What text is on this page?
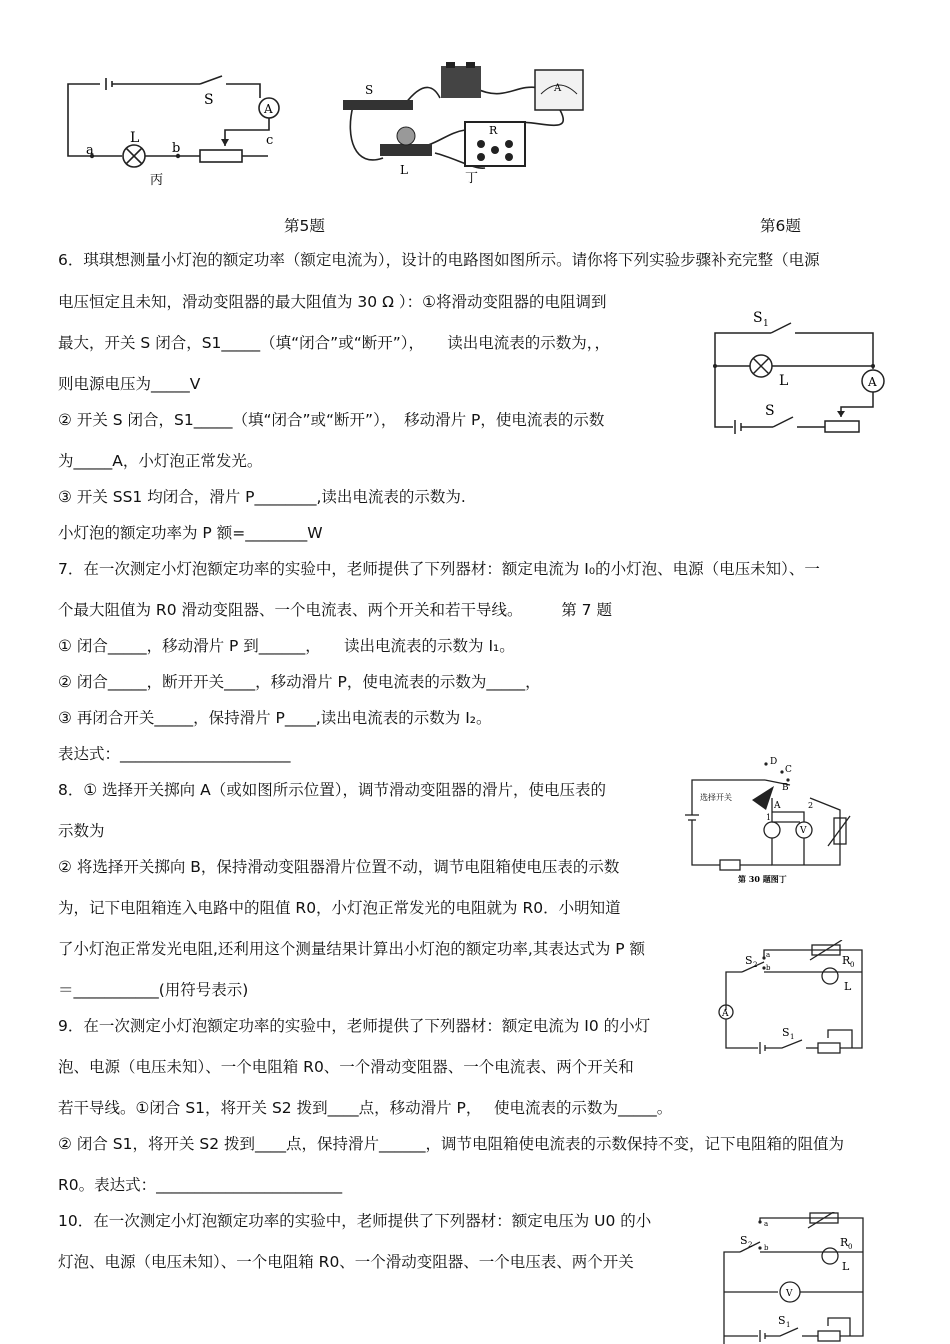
S
A
L
a	b
c
丙
S	A
L
R
丁
第5题	第6题
S 1
L	A
S
D
C
B
A
选择开关
1
2
V
第 30 题图丁
S 2
a
b
R 0
L
A
S 1
S 2
a
b	R 0
L
V
S 1
6．琪琪想测量小灯泡的额定功率（额定电流为），设计的电路图如图所示。请你将下列实验步骤补充完整（电源
电压恒定且未知，滑动变阻器的最大阻值为 30 Ω ）：①将滑动变阻器的电阻调到
最大，开关 S 闭合，S1_____（填“闭合”或“断开”），　　读出电流表的示数为，，
则电源电压为_____V
② 开关 S 闭合，S1_____（填“闭合”或“断开”），　移动滑片 P，使电流表的示数
为_____A，小灯泡正常发光。
③ 开关 SS1 均闭合，滑片 P________,读出电流表的示数为.
小灯泡的额定功率为 P 额=________W
7．在一次测定小灯泡额定功率的实验中，老师提供了下列器材：额定电流为 I₀的小灯泡、电源（电压未知）、一
个最大阻值为 R0 滑动变阻器、一个电流表、两个开关和若干导线。　　　第 7 题
① 闭合_____，移动滑片 P 到______，　　读出电流表的示数为 I₁。
② 闭合_____，断开开关____，移动滑片 P，使电流表的示数为_____，
③ 再闭合开关_____，保持滑片 P____,读出电流表的示数为 I₂。
表达式：______________________
8．① 选择开关掷向 A（或如图所示位置），调节滑动变阻器的滑片，使电压表的
示数为
② 将选择开关掷向 B，保持滑动变阻器滑片位置不动，调节电阻箱使电压表的示数
为，记下电阻箱连入电路中的阻值 R0，小灯泡正常发光的电阻就为 R0．小明知道
了小灯泡正常发光电阻,还利用这个测量结果计算出小灯泡的额定功率,其表达式为 P 额
＝___________(用符号表示)
9．在一次测定小灯泡额定功率的实验中，老师提供了下列器材：额定电流为 I0 的小灯
泡、电源（电压未知）、一个电阻箱 R0、一个滑动变阻器、一个电流表、两个开关和
若干导线。①闭合 S1，将开关 S2 拨到____点，移动滑片 P，　 使电流表的示数为_____。
② 闭合 S1，将开关 S2 拨到____点，保持滑片______，调节电阻箱使电流表的示数保持不变，记下电阻箱的阻值为
R0。表达式：________________________
10．在一次测定小灯泡额定功率的实验中，老师提供了下列器材：额定电压为 U0 的小
灯泡、电源（电压未知）、一个电阻箱 R0、一个滑动变阻器、一个电压表、两个开关
